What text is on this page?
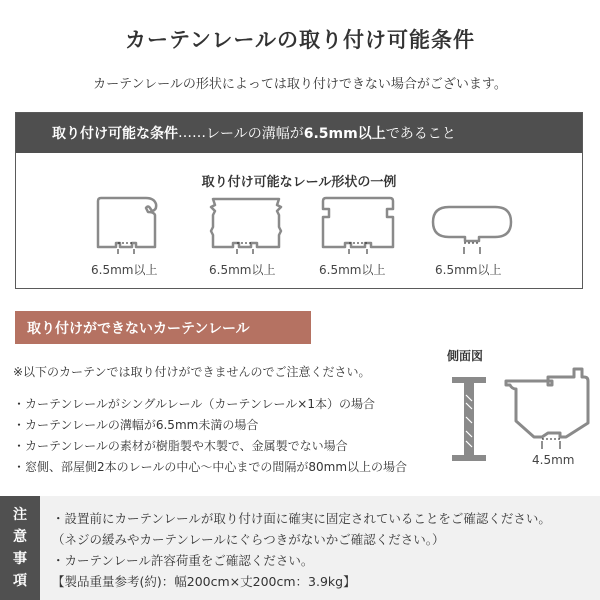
カーテンレールの取り付け可能条件
カーテンレールの形状によっては取り付けできない場合がございます。
取り付け可能な条件 …… レールの溝幅が 6.5mm以上 であること
取り付け可能なレール形状の一例
6.5mm以上	6.5mm以上	6.5mm以上	6.5mm以上
取り付けができないカーテンレール
※以下のカーテンでは取り付けができませんのでご注意ください。
側面図
4.5mm
・カーテンレールがシングルレール（カーテンレール×1本）の場合
・カーテンレールの溝幅が6.5mm未満の場合
・カーテンレールの素材が樹脂製や木製で、金属製でない場合
・窓側、部屋側2本のレールの中心〜中心までの間隔が80mm以上の場合
注
意
事
項
・設置前にカーテンレールが取り付け面に確実に固定されていることをご確認ください。
（ネジの緩みやカーテンレールにぐらつきがないかご確認ください。）
・カーテンレール許容荷重をご確認ください。
【製品重量参考(約)：幅200cm×丈200cm：3.9kg】
